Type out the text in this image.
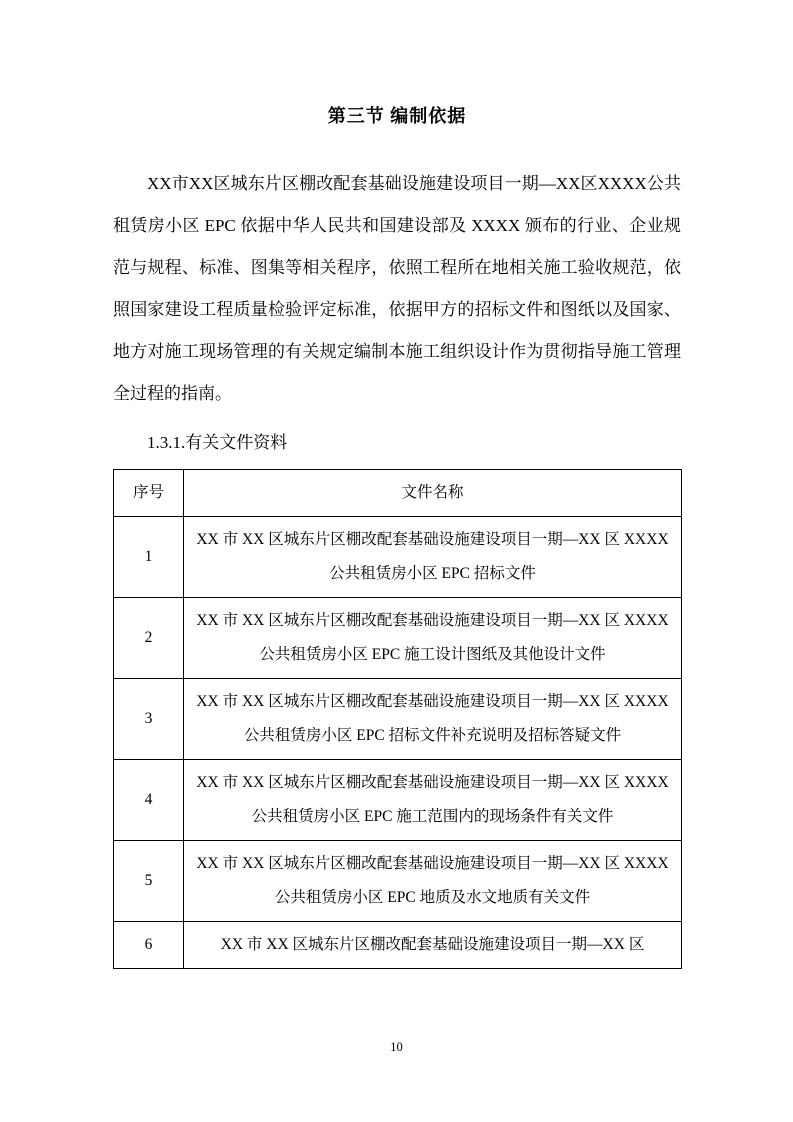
第三节 编制依据
XX市XX区城东片区棚改配套基础设施建设项目一期—XX区XXXX公共租赁房小区 EPC 依据中华人民共和国建设部及 XXXX 颁布的行业、企业规范与规程、标准、图集等相关程序，依照工程所在地相关施工验收规范，依照国家建设工程质量检验评定标准，依据甲方的招标文件和图纸以及国家、地方对施工现场管理的有关规定编制本施工组织设计作为贯彻指导施工管理全过程的指南。
1.3.1.有关文件资料
序号	文件名称
1	XX 市 XX 区城东片区棚改配套基础设施建设项目一期—XX 区 XXXX 公共租赁房小区 EPC 招标文件
2	XX 市 XX 区城东片区棚改配套基础设施建设项目一期—XX 区 XXXX 公共租赁房小区 EPC 施工设计图纸及其他设计文件
3	XX 市 XX 区城东片区棚改配套基础设施建设项目一期—XX 区 XXXX 公共租赁房小区 EPC 招标文件补充说明及招标答疑文件
4	XX 市 XX 区城东片区棚改配套基础设施建设项目一期—XX 区 XXXX 公共租赁房小区 EPC 施工范围内的现场条件有关文件
5	XX 市 XX 区城东片区棚改配套基础设施建设项目一期—XX 区 XXXX 公共租赁房小区 EPC 地质及水文地质有关文件
6	XX 市 XX 区城东片区棚改配套基础设施建设项目一期—XX 区
10
